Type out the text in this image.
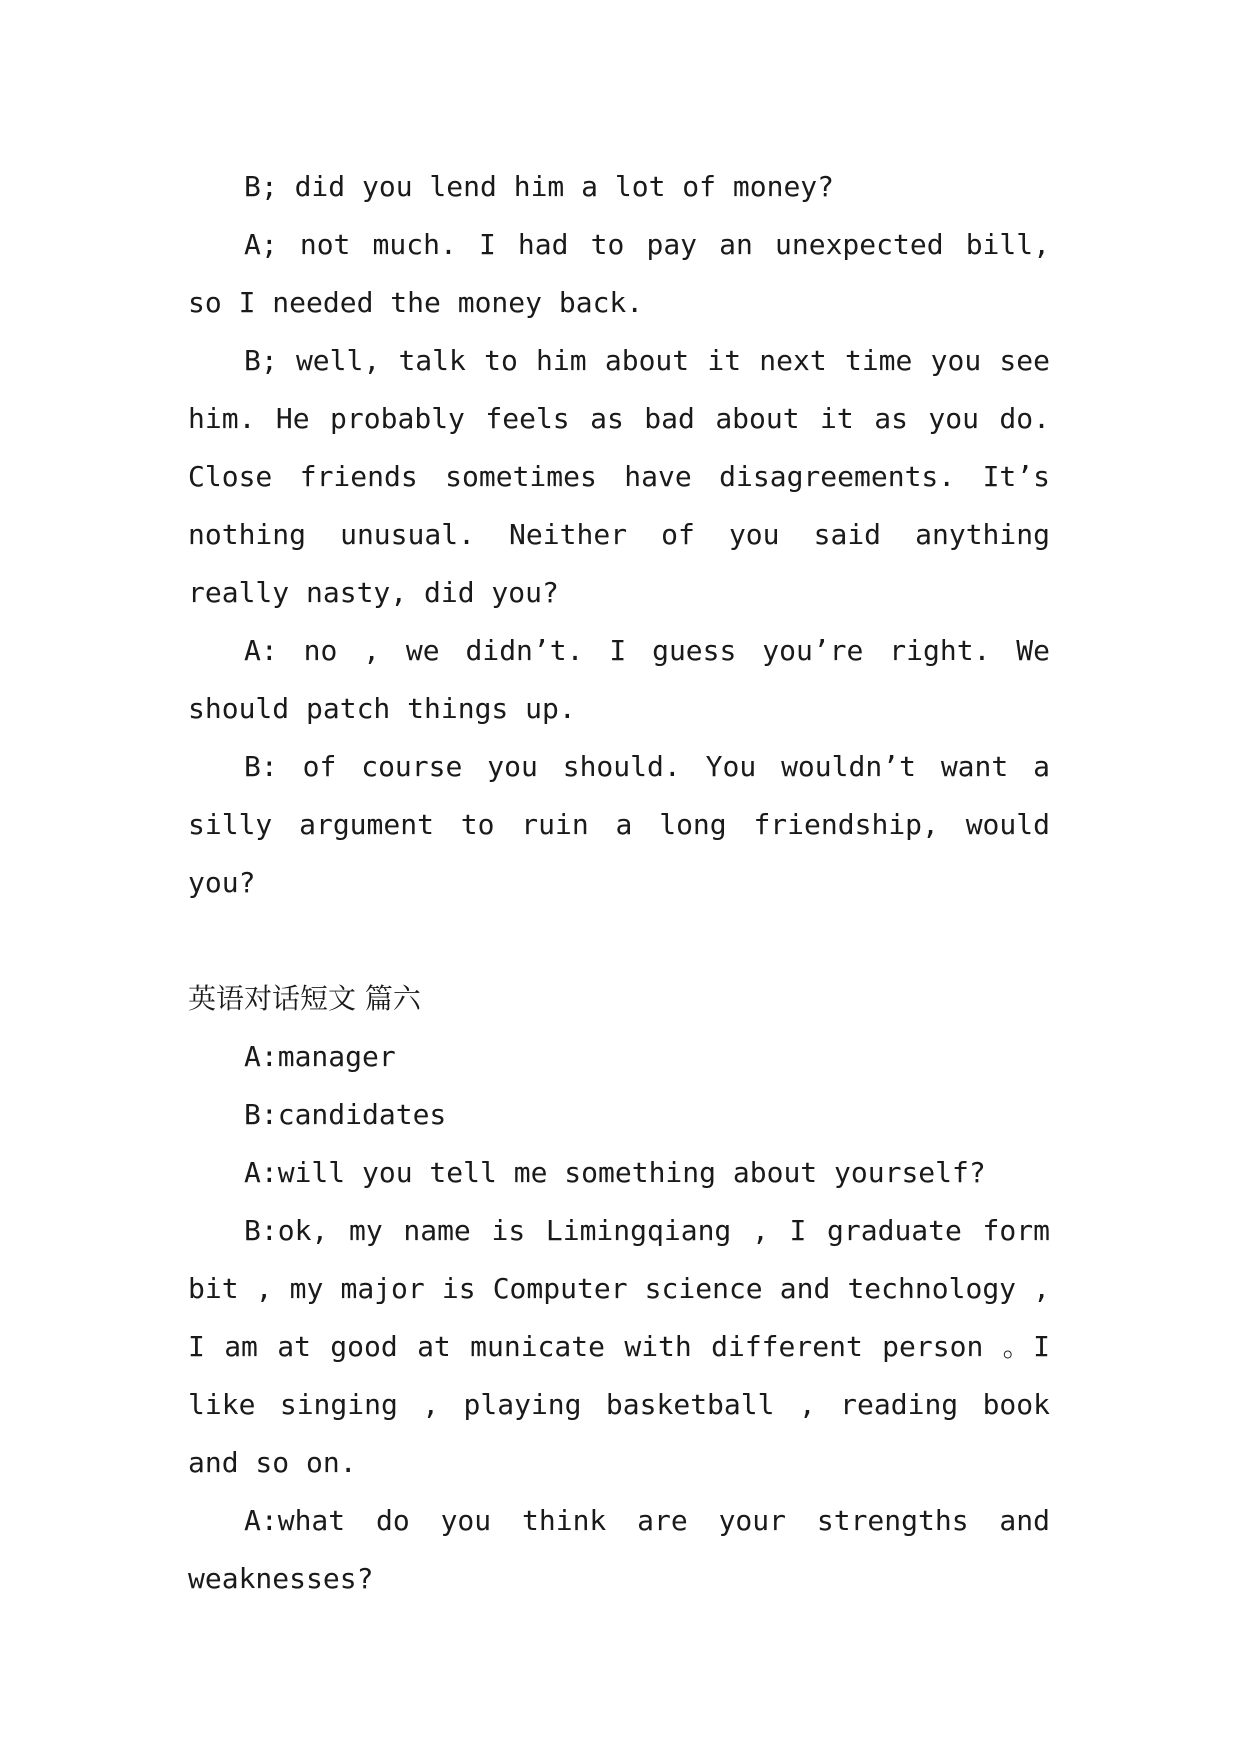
B; did you lend him a lot of money?

A; not much. I had to pay an unexpected bill, so I needed the money back.

B; well, talk to him about it next time you see him. He probably feels as bad about it as you do. Close friends sometimes have disagreements. It’s nothing unusual. Neither of you said anything really nasty, did you?

A: no , we didn’t. I guess you’re right. We should patch things up.

B: of course you should. You wouldn’t want a silly argument to ruin a long friendship, would you?

英语对话短文 篇六

A:manager

B:candidates

A:will you tell me something about yourself?

B:ok, my name is Limingqiang , I graduate form bit , my major is Computer science and technology , I am at good at municate with different person 。I like singing , playing basketball , reading book and so on.

A:what do you think are your strengths and weaknesses?
